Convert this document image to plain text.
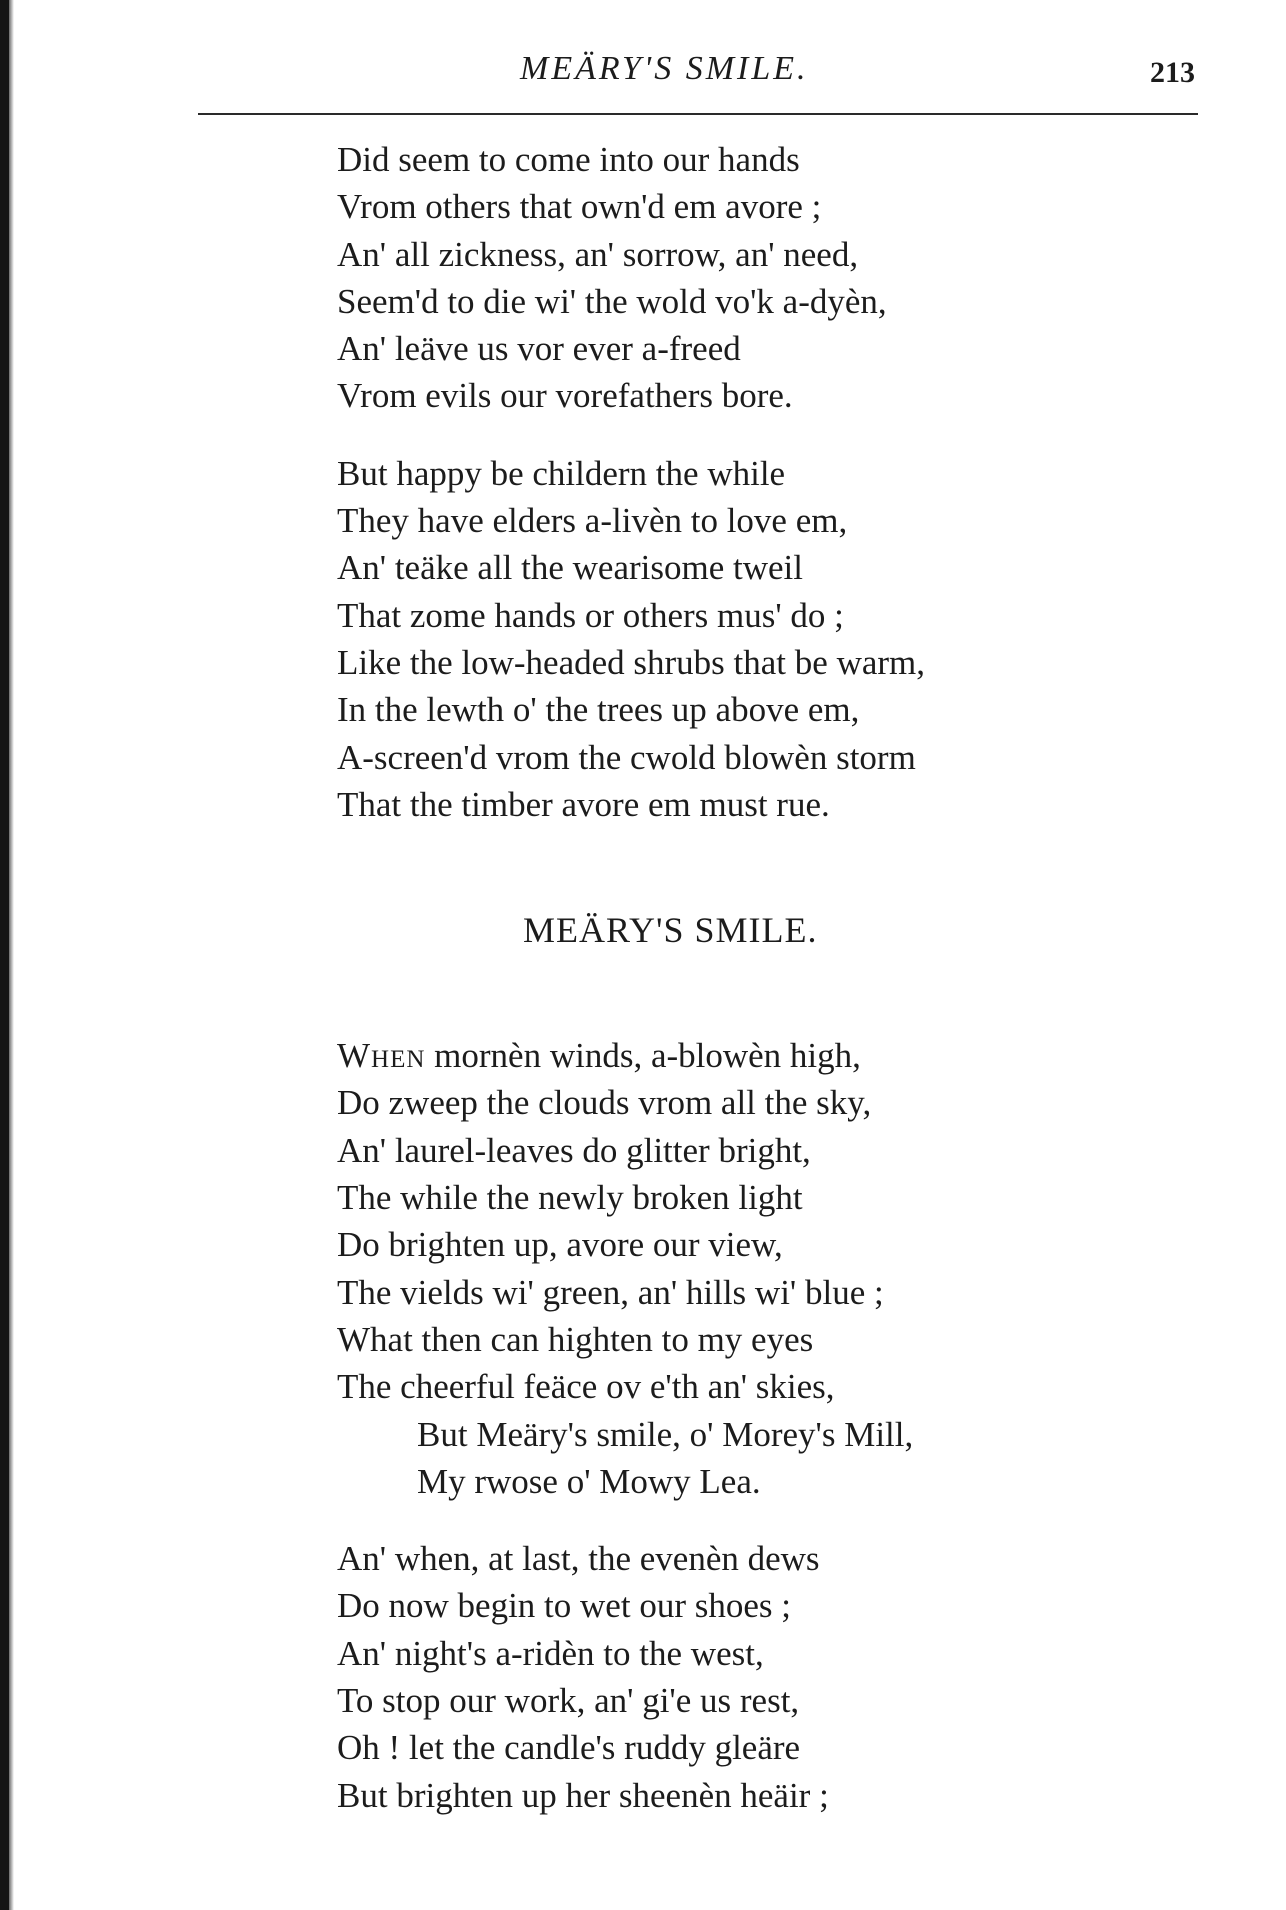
MEÄRY'S SMILE.	213
Did seem to come into our hands
Vrom others that own'd em avore ;
An' all zickness, an' sorrow, an' need,
Seem'd to die wi' the wold vo'k a-dyèn,
An' leäve us vor ever a-freed
Vrom evils our vorefathers bore.
But happy be childern the while
They have elders a-livèn to love em,
An' teäke all the wearisome tweil
That zome hands or others mus' do ;
Like the low-headed shrubs that be warm,
In the lewth o' the trees up above em,
A-screen'd vrom the cwold blowèn storm
That the timber avore em must rue.
MEÄRY'S SMILE.
When mornèn winds, a-blowèn high,
Do zweep the clouds vrom all the sky,
An' laurel-leaves do glitter bright,
The while the newly broken light
Do brighten up, avore our view,
The vields wi' green, an' hills wi' blue ;
What then can highten to my eyes
The cheerful feäce ov e'th an' skies,
But Meäry's smile, o' Morey's Mill,
My rwose o' Mowy Lea.
An' when, at last, the evenèn dews
Do now begin to wet our shoes ;
An' night's a-ridèn to the west,
To stop our work, an' gi'e us rest,
Oh ! let the candle's ruddy gleäre
But brighten up her sheenèn heäir ;
